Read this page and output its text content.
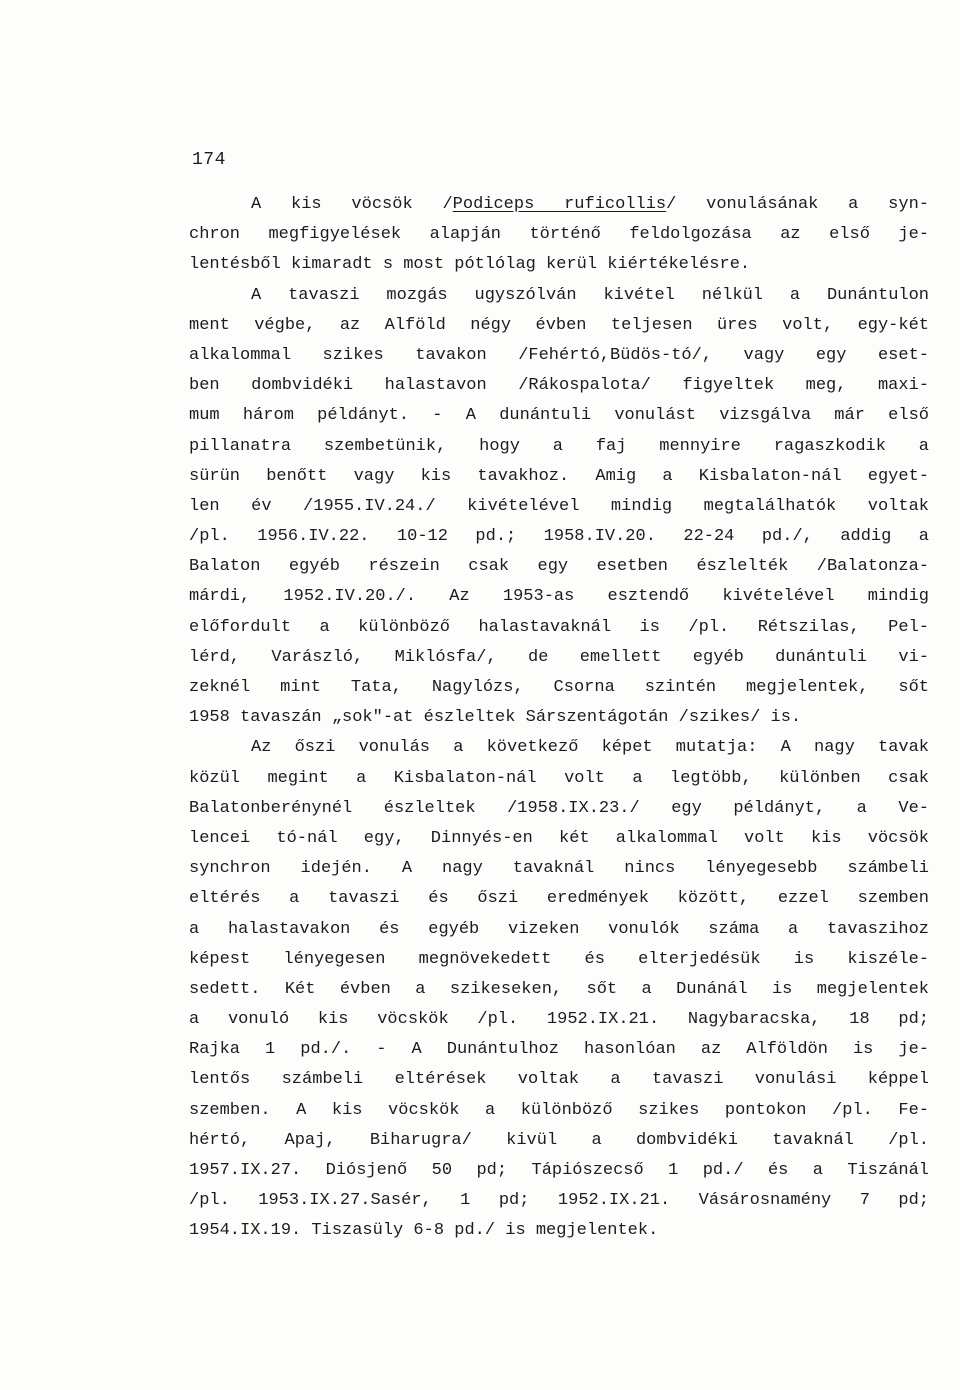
174
A kis vöcsök /Podiceps ruficollis/ vonulásának a syn-
chron megfigyelések alapján történő feldolgozása az első je-
lentésből kimaradt s most pótlólag kerül kiértékelésre.
A tavaszi mozgás ugyszólván kivétel nélkül a Dunántulon
ment végbe, az Alföld négy évben teljesen üres volt, egy-két
alkalommal szikes tavakon /Fehértó,Büdös-tó/, vagy egy eset-
ben dombvidéki halastavon /Rákospalota/ figyeltek meg, maxi-
mum három példányt. - A dunántuli vonulást vizsgálva már első
pillanatra szembetünik, hogy a faj mennyire ragaszkodik a
sürün benőtt vagy kis tavakhoz. Amig a Kisbalaton-nál egyet-
len év /1955.IV.24./ kivételével mindig megtalálhatók voltak
/pl. 1956.IV.22. 10-12 pd.; 1958.IV.20. 22-24 pd./, addig a
Balaton egyéb részein csak egy esetben észlelték /Balatonza-
márdi, 1952.IV.20./. Az 1953-as esztendő kivételével mindig
előfordult a különböző halastavaknál is /pl. Rétszilas, Pel-
lérd, Varászló, Miklósfa/, de emellett egyéb dunántuli vi-
zeknél mint Tata, Nagylózs, Csorna szintén megjelentek, sőt
1958 tavaszán „sok"-at észleltek Sárszentágotán /szikes/ is.
Az őszi vonulás a következő képet mutatja: A nagy tavak
közül megint a Kisbalaton-nál volt a legtöbb, különben csak
Balatonberénynél észleltek /1958.IX.23./ egy példányt, a Ve-
lencei tó-nál egy, Dinnyés-en két alkalommal volt kis vöcsök
synchron idején. A nagy tavaknál nincs lényegesebb számbeli
eltérés a tavaszi és őszi eredmények között, ezzel szemben
a halastavakon és egyéb vizeken vonulók száma a tavaszihoz
képest lényegesen megnövekedett és elterjedésük is kiszéle-
sedett. Két évben a szikeseken, sőt a Dunánál is megjelentek
a vonuló kis vöcskök /pl. 1952.IX.21. Nagybaracska, 18 pd;
Rajka 1 pd./. - A Dunántulhoz hasonlóan az Alföldön is je-
lentős számbeli eltérések voltak a tavaszi vonulási képpel
szemben. A kis vöcskök a különböző szikes pontokon /pl. Fe-
hértó, Apaj, Biharugra/ kivül a dombvidéki tavaknál /pl.
1957.IX.27. Diósjenő 50 pd; Tápiószecső 1 pd./ és a Tiszánál
/pl. 1953.IX.27.Sasér, 1 pd; 1952.IX.21. Vásárosnamény 7 pd;
1954.IX.19. Tiszasüly 6-8 pd./ is megjelentek.
